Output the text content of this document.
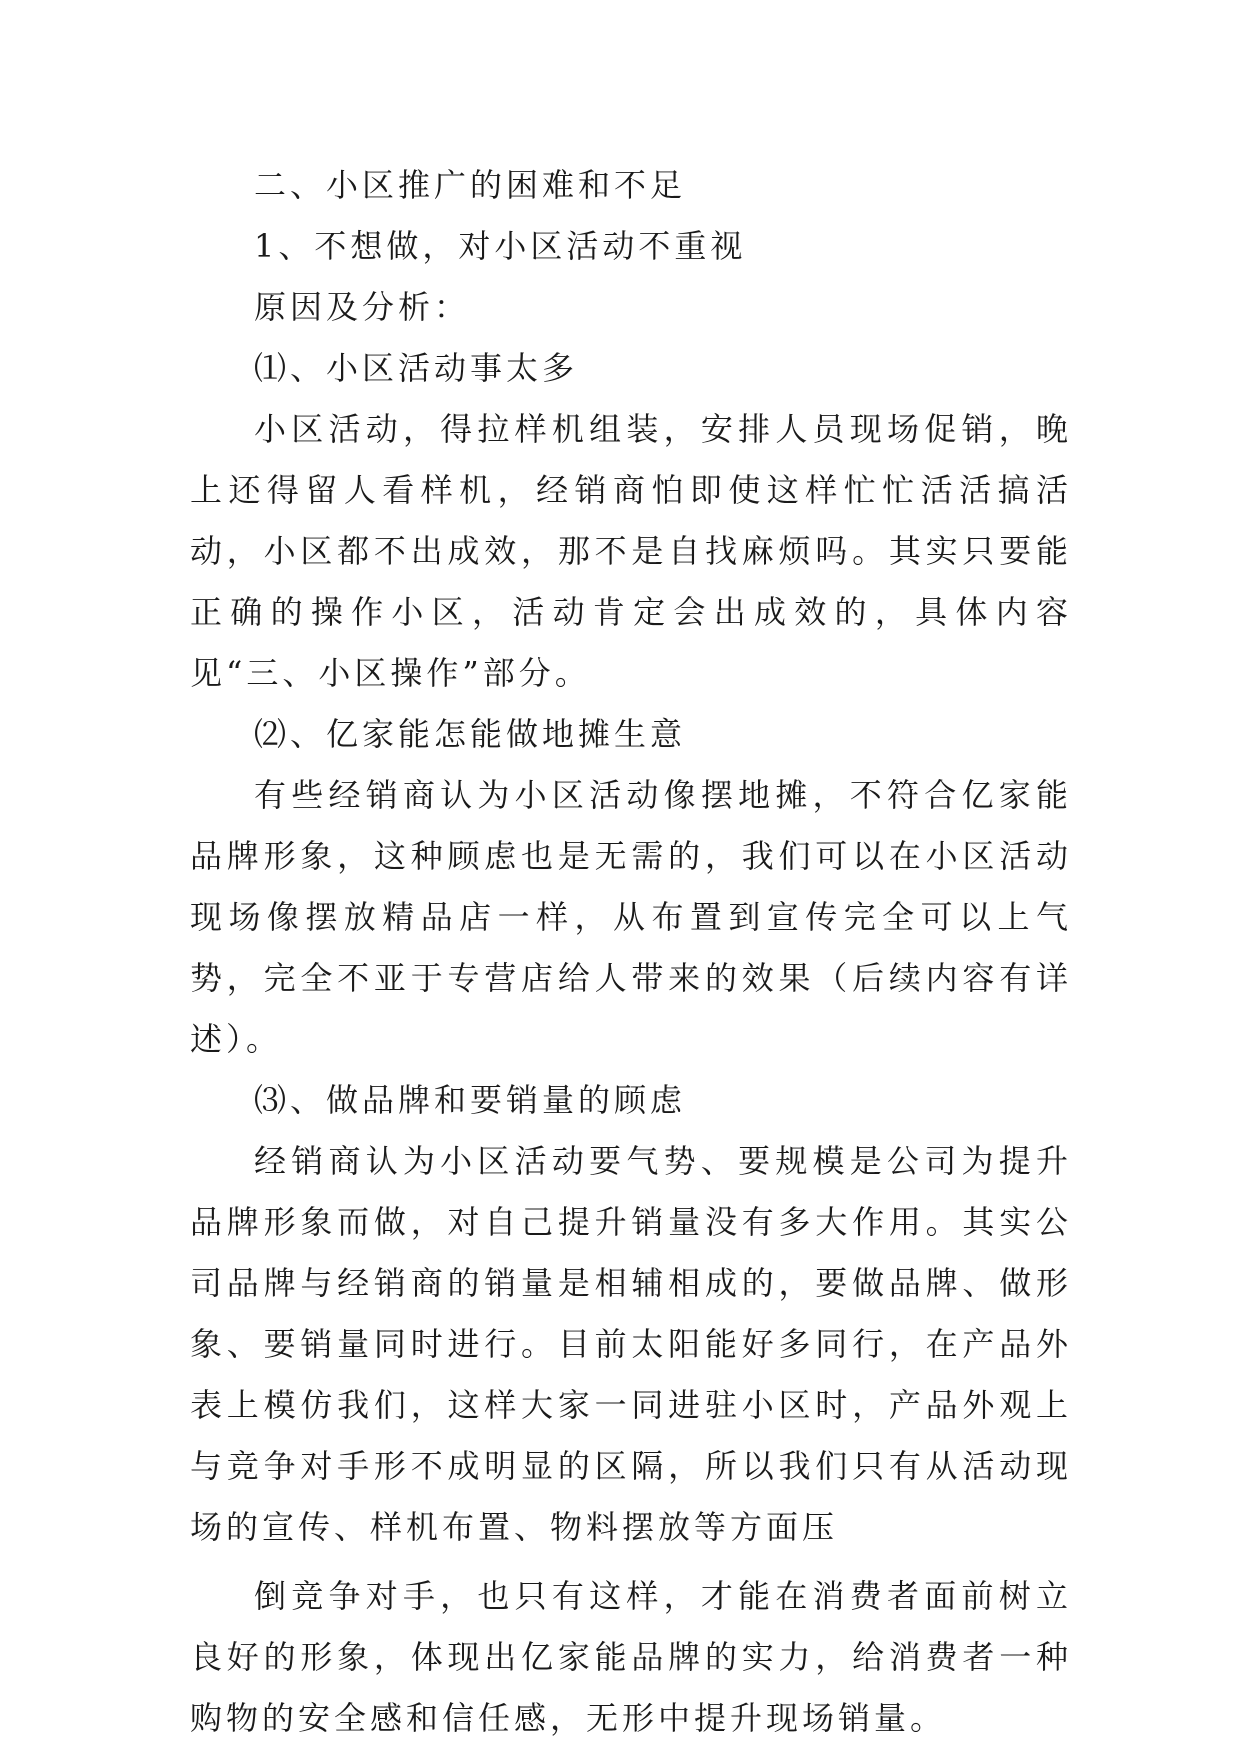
二、小区推广的困难和不足

1、不想做，对小区活动不重视

原因及分析：

⑴、小区活动事太多

小区活动，得拉样机组装，安排人员现场促销，晚上还得留人看样机，经销商怕即使这样忙忙活活搞活动，小区都不出成效，那不是自找麻烦吗。其实只要能正确的操作小区，活动肯定会出成效的，具体内容见“三、小区操作”部分。

⑵、亿家能怎能做地摊生意

有些经销商认为小区活动像摆地摊，不符合亿家能品牌形象，这种顾虑也是无需的，我们可以在小区活动现场像摆放精品店一样，从布置到宣传完全可以上气势，完全不亚于专营店给人带来的效果（后续内容有详述）。

⑶、做品牌和要销量的顾虑

经销商认为小区活动要气势、要规模是公司为提升品牌形象而做，对自己提升销量没有多大作用。其实公司品牌与经销商的销量是相辅相成的，要做品牌、做形象、要销量同时进行。目前太阳能好多同行，在产品外表上模仿我们，这样大家一同进驻小区时，产品外观上与竞争对手形不成明显的区隔，所以我们只有从活动现场的宣传、样机布置、物料摆放等方面压

倒竞争对手，也只有这样，才能在消费者面前树立良好的形象，体现出亿家能品牌的实力，给消费者一种购物的安全感和信任感，无形中提升现场销量。
